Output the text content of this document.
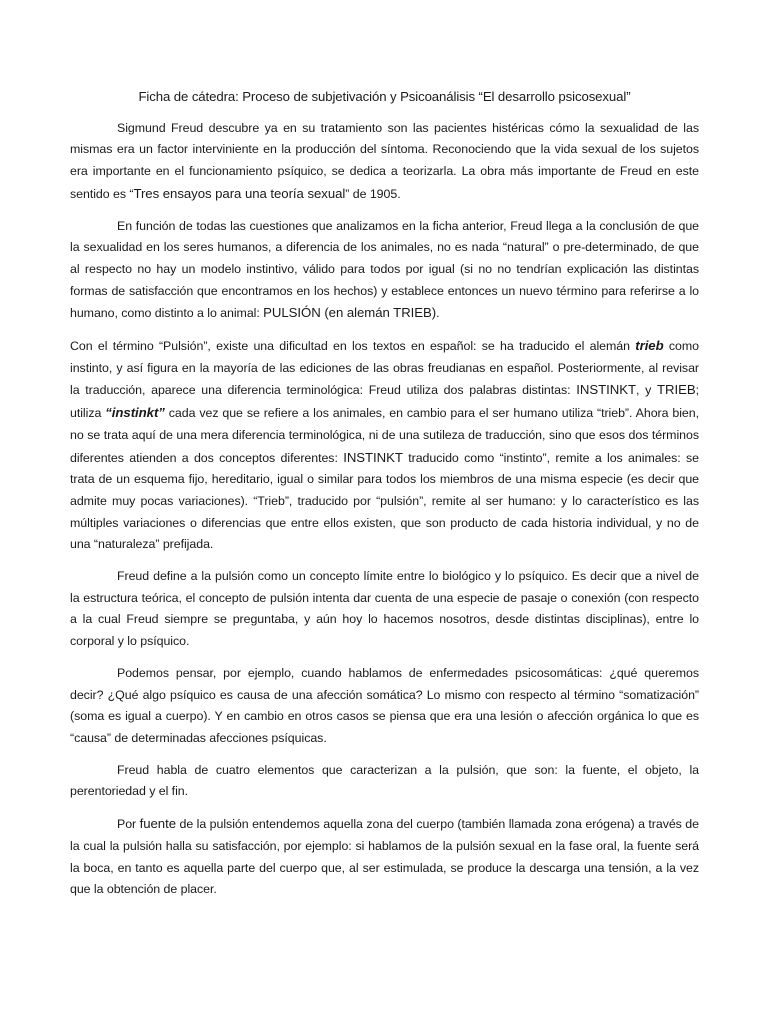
Ficha de cátedra: Proceso de subjetivación y Psicoanálisis “El desarrollo psicosexual”

Sigmund Freud descubre ya en su tratamiento son las pacientes histéricas cómo la sexualidad de las mismas era un factor interviniente en la producción del síntoma. Reconociendo que la vida sexual de los sujetos era importante en el funcionamiento psíquico, se dedica a teorizarla. La obra más importante de Freud en este sentido es “Tres ensayos para una teoría sexual” de 1905.

En función de todas las cuestiones que analizamos en la ficha anterior, Freud llega a la conclusión de que la sexualidad en los seres humanos, a diferencia de los animales, no es nada “natural” o pre-determinado, de que al respecto no hay un modelo instintivo, válido para todos por igual (si no no tendrían explicación las distintas formas de satisfacción que encontramos en los hechos) y establece entonces un nuevo término para referirse a lo humano, como distinto a lo animal: PULSIÓN (en alemán TRIEB).

Con el término “Pulsión”, existe una dificultad en los textos en español: se ha traducido el alemán trieb como instinto, y así figura en la mayoría de las ediciones de las obras freudianas en español. Posteriormente, al revisar la traducción, aparece una diferencia terminológica: Freud utiliza dos palabras distintas: INSTINKT, y TRIEB; utiliza “instinkt” cada vez que se refiere a los animales, en cambio para el ser humano utiliza “trieb”. Ahora bien, no se trata aquí de una mera diferencia terminológica, ni de una sutileza de traducción, sino que esos dos términos diferentes atienden a dos conceptos diferentes: INSTINKT traducido como “instinto”, remite a los animales: se trata de un esquema fijo, hereditario, igual o similar para todos los miembros de una misma especie (es decir que admite muy pocas variaciones). “Trieb”, traducido por “pulsión”, remite al ser humano: y lo característico es las múltiples variaciones o diferencias que entre ellos existen, que son producto de cada historia individual, y no de una “naturaleza” prefijada.

Freud define a la pulsión como un concepto límite entre lo biológico y lo psíquico. Es decir que a nivel de la estructura teórica, el concepto de pulsión intenta dar cuenta de una especie de pasaje o conexión (con respecto a la cual Freud siempre se preguntaba, y aún hoy lo hacemos nosotros, desde distintas disciplinas), entre lo corporal y lo psíquico.

Podemos pensar, por ejemplo, cuando hablamos de enfermedades psicosomáticas: ¿qué queremos decir? ¿Qué algo psíquico es causa de una afección somática? Lo mismo con respecto al término “somatización” (soma es igual a cuerpo). Y en cambio en otros casos se piensa que era una lesión o afección orgánica lo que es “causa” de determinadas afecciones psíquicas.

Freud habla de cuatro elementos que caracterizan a la pulsión, que son: la fuente, el objeto, la perentoriedad y el fin.

Por fuente de la pulsión entendemos aquella zona del cuerpo (también llamada zona erógena) a través de la cual la pulsión halla su satisfacción, por ejemplo: si hablamos de la pulsión sexual en la fase oral, la fuente será la boca, en tanto es aquella parte del cuerpo que, al ser estimulada, se produce la descarga una tensión, a la vez que la obtención de placer.
